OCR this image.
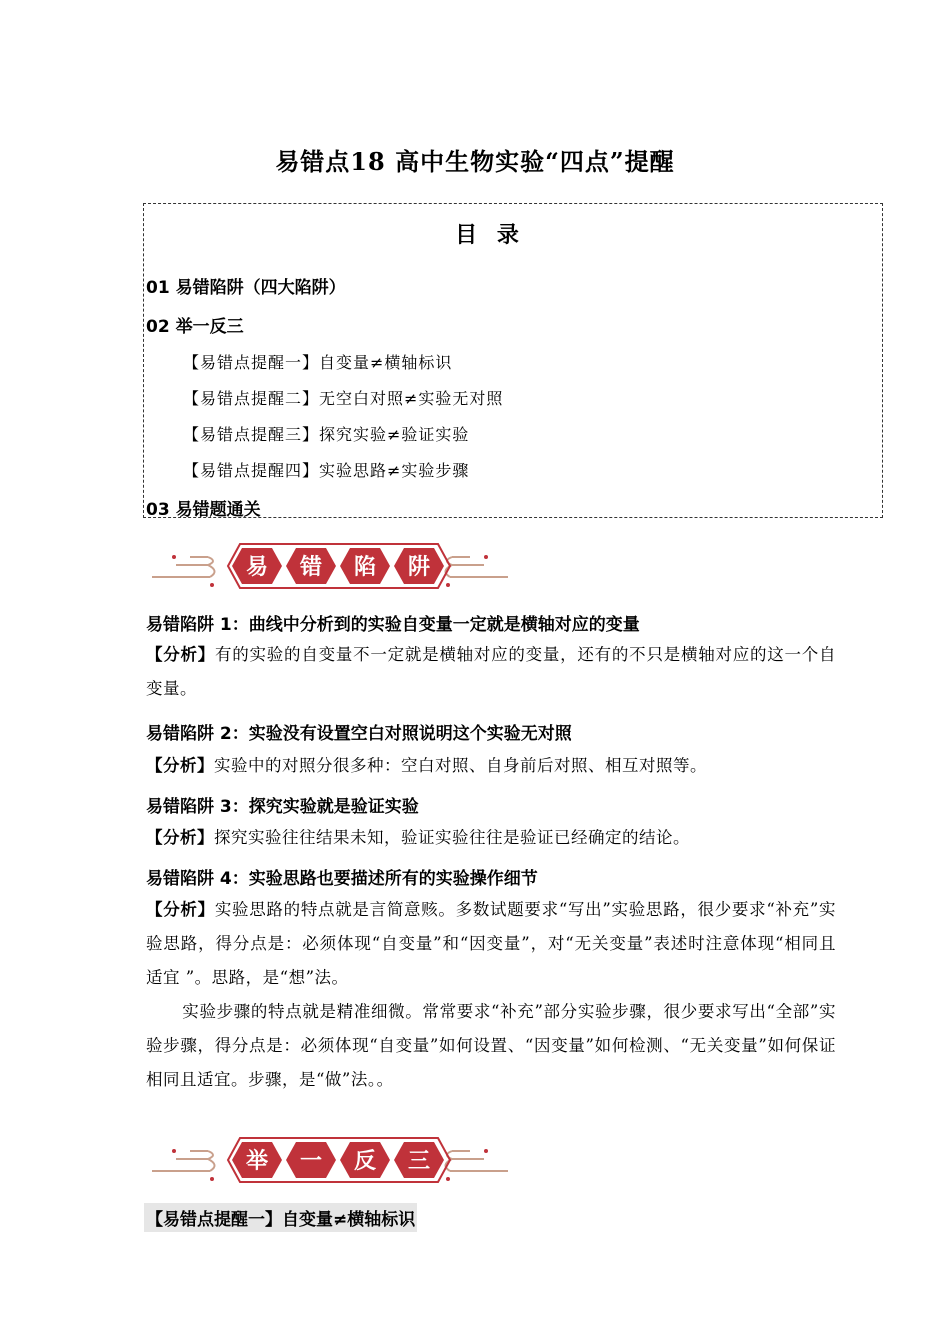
易错点18 高中生物实验“四点”提醒
目 录
01 易错陷阱（四大陷阱）
02 举一反三
【易错点提醒一】自变量≠横轴标识
【易错点提醒二】无空白对照≠实验无对照
【易错点提醒三】探究实验≠验证实验
【易错点提醒四】实验思路≠实验步骤
03 易错题通关
易 错 陷 阱
易错陷阱 1：曲线中分析到的实验自变量一定就是横轴对应的变量
【分析】有的实验的自变量不一定就是横轴对应的变量，还有的不只是横轴对应的这一个自变量。
易错陷阱 2：实验没有设置空白对照说明这个实验无对照
【分析】实验中的对照分很多种：空白对照、自身前后对照、相互对照等。
易错陷阱 3：探究实验就是验证实验
【分析】探究实验往往结果未知，验证实验往往是验证已经确定的结论。
易错陷阱 4：实验思路也要描述所有的实验操作细节
【分析】实验思路的特点就是言简意赅。多数试题要求“写出”实验思路，很少要求“补充”实验思路，得分点是：必须体现“自变量”和“因变量”，对“无关变量”表述时注意体现“相同且适宜 ”。思路，是“想”法。
实验步骤的特点就是精准细微。常常要求“补充”部分实验步骤，很少要求写出“全部”实验步骤，得分点是：必须体现“自变量”如何设置、“因变量”如何检测、“无关变量”如何保证相同且适宜。步骤，是“做”法。。
举 一 反 三
【易错点提醒一】自变量≠横轴标识
